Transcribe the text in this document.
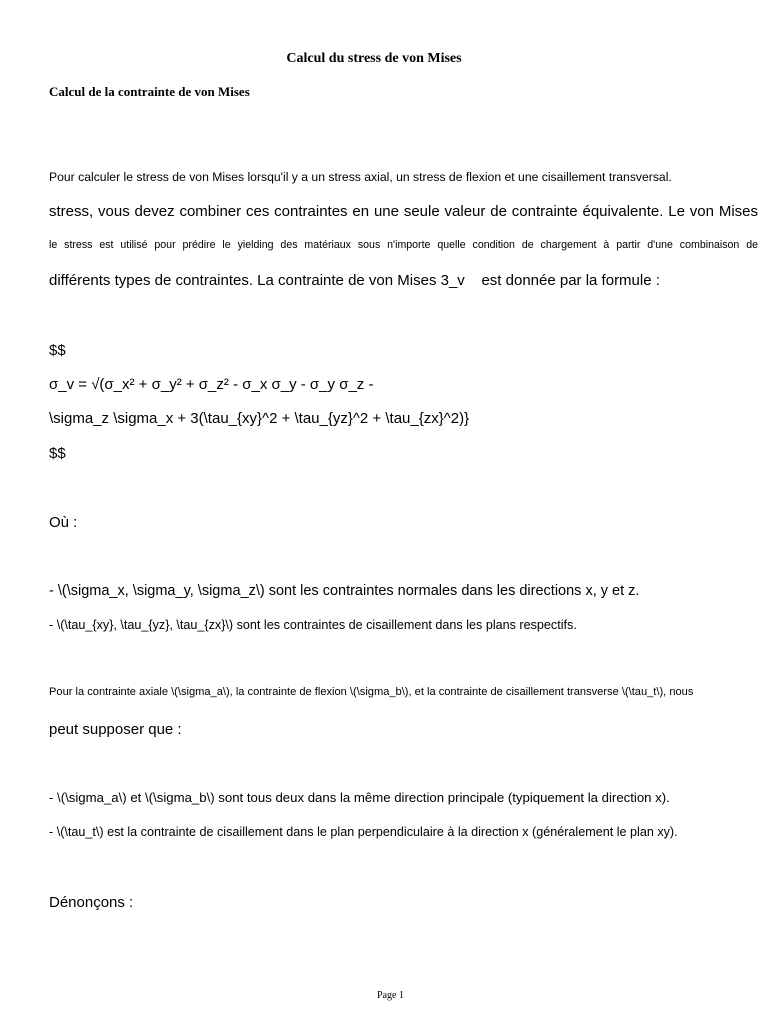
Calcul du stress de von Mises
Calcul de la contrainte de von Mises
Pour calculer le stress de von Mises lorsqu'il y a un stress axial, un stress de flexion et une cisaillement transversal.
stress, vous devez combiner ces contraintes en une seule valeur de contrainte équivalente. Le von Mises
le stress est utilisé pour prédire le yielding des matériaux sous n'importe quelle condition de chargement à partir d'une combinaison de
différents types de contraintes. La contrainte de von Mises 3_v    est donnée par la formule :
$$
σ_v = √(σ_x² + σ_y² + σ_z² - σ_x σ_y - σ_y σ_z -
\sigma_z \sigma_x + 3(\tau_{xy}^2 + \tau_{yz}^2 + \tau_{zx}^2)}
$$
Où :
- \(\sigma_x, \sigma_y, \sigma_z\) sont les contraintes normales dans les directions x, y et z.
- \(\tau_{xy}, \tau_{yz}, \tau_{zx}\) sont les contraintes de cisaillement dans les plans respectifs.
Pour la contrainte axiale \(\sigma_a\), la contrainte de flexion \(\sigma_b\), et la contrainte de cisaillement transverse \(\tau_t\), nous
peut supposer que :
- \(\sigma_a\) et \(\sigma_b\) sont tous deux dans la même direction principale (typiquement la direction x).
- \(\tau_t\) est la contrainte de cisaillement dans le plan perpendiculaire à la direction x (généralement le plan xy).
Dénonçons :
Page 1
